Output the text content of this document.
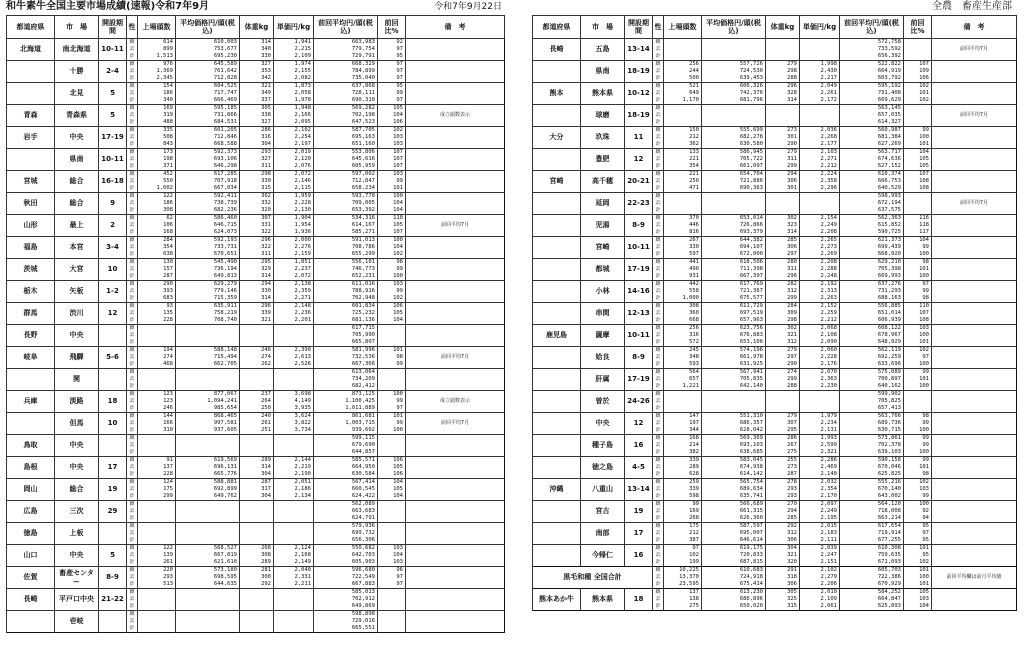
和牛素牛全国主要市場成績(速報)令和7年9月	令和7年9月22日	全農　畜産生産部
都道府県	市　場	開設期間	性	上場頭数	平均価格円/頭(税込)	体重kg	単価円/kg	前回平均円/頭(税込)	前回比%	備　考
北海道	南北海道	10-11	雌	614	610,003	314	1,941	663,983	92	
			去	899	753,677	340	2,215	779,754	97	
			計	1,513	695,230	330	2,109	729,791	95	
	十勝	2-4	雌	976	645,589	327	1,974	668,329	97	
			去	1,369	761,642	353	2,155	784,899	97	
			計	2,345	712,828	342	2,082	735,040	97	
	北見	5	雌	154	604,525	321	1,873	637,868	95	
			去	186	717,747	349	2,058	728,111	99	
			計	340	666,469	337	1,978	690,310	97	
青森	青森県	5	雌	169	595,185	305	1,948	569,282	105	成立頭数表示
			去	319	731,866	338	2,166	702,198	104	
			計	488	684,531	327	2,095	647,523	106	
岩手	中央	17-19	雌	335	601,205	286	2,102	587,705	102	
			去	508	712,846	316	2,254	695,163	103	
			計	843	668,588	304	2,197	651,160	103	
	県南	10-11	雌	173	592,373	293	2,019	553,806	107	
			去	198	693,106	327	2,120	645,616	107	
			計	371	646,298	311	2,076	605,959	107	
宮城	総合	16-18	雌	452	617,285	298	2,072	597,002	103	
			去	550	707,918	330	2,146	712,847	99	
			計	1,002	667,034	315	2,115	658,234	101	
秋田	総合	9	雌	122	592,411	302	1,959	593,778	100	
			去	186	738,739	332	2,228	709,005	104	
			計	308	682,236	320	2,130	653,392	104	
山形	最上	2	雌	62	586,460	307	1,904	534,316	110	前回平均7月
			去	106	646,715	331	1,954	614,167	105	
			計	168	624,073	322	1,936	585,271	107	
福島	本宮	3-4	雌	284	592,193	296	2,000	591,013	100	
			去	354	733,731	322	2,276	708,786	104	
			計	638	670,651	311	2,159	655,299	102	
茨城	大宮	10	雌	130	545,490	295	1,851	556,101	98	
			去	157	736,194	329	2,237	746,773	99	
			計	287	649,813	314	2,072	652,231	100	
栃木	矢板	1-2	雌	290	629,279	294	2,138	611,016	103	
			去	393	779,146	330	2,359	788,916	99	
			計	683	715,359	314	2,271	702,948	102	
群馬	渋川	12	雌	93	635,911	296	2,148	601,834	106	
			去	135	758,219	339	2,236	725,232	105	
			計	228	708,740	321	2,201	681,136	104	
長野	中央		雌					617,715		
			去					705,990		
			計					665,807		
岐阜	飛騨	5-6	雌	194	588,148	246	2,390	581,996	101	前回平均7月
			去	274	715,494	274	2,613	732,536	98	
			計	468	662,705	262	2,526	667,366	99	
	関		雌					613,064		
			去					734,209		
			計					682,412		
兵庫	淡路	18	雌	123	877,067	237	3,698	873,125	100	成立頭数表示
			去	123	1,094,241	264	4,149	1,100,425	99	
			計	246	985,654	250	3,935	1,011,889	97	
	但馬	10	雌	144	868,465	240	3,624	861,681	101	前回平均7月
			去	166	997,581	261	3,822	1,003,715	99	
			計	310	937,605	251	3,734	939,602	100	
鳥取	中央		雌					599,115		
			去					679,690		
			計					644,857		
島根	中央	17	雌	91	619,569	289	2,144	585,571	106	
			去	137	696,131	314	2,219	664,950	105	
			計	228	665,776	304	2,190	630,584	106	
岡山	総合	19	雌	124	588,881	287	2,051	567,414	104	
			去	175	692,899	317	2,186	660,545	105	
			計	299	649,762	304	2,134	624,422	104	
広島	三次	29	雌					562,089		
			去					663,683		
			計					624,791		
徳島	上板		雌					579,936		
			去					699,732		
			計					656,306		
山口	中央	5	雌	122	568,527	268	2,124	550,682	103	
			去	139	667,819	308	2,168	642,703	104	
			計	261	621,610	289	2,149	605,903	103	
佐賀	畜産センター	8-9	雌	220	573,180	281	2,040	596,680	96	
			去	293	698,595	300	2,331	722,549	97	
			計	513	644,635	292	2,211	667,883	97	
長崎	平戸口中央	21-22	雌					585,013		
			去					702,912		
			計					649,869		
	壱岐		雌					598,898		
			去					729,016		
			計					665,551		
都道府県	市　場	開設期間	性	上場頭数	平均価格円/頭(税込)	体重kg	単価円/kg	前回平均円/頭(税込)	前回比%	備　考
長崎	五島	13-14	雌					572,758		前回平均7月
			去					733,592		
			計					656,392		
	県南	18-19	雌	256	557,726	279	1,998	522,822	107	
			去	244	724,530	298	2,430	664,919	109	
			計	500	639,453	288	2,217	603,792	106	
熊本	熊本県	10-12	雌	521	606,326	296	2,049	595,192	102	
			去	649	742,376	328	2,261	731,408	101	
			計	1,170	681,796	314	2,172	669,629	102	
	球磨	18-19	雌					563,145		前回平均7月
			去					657,035		
			計					614,327		
大分	玖珠	11	雌	150	555,699	273	2,036	560,987	99	
			去	212	682,278	301	2,268	681,384	100	
			計	362	630,580	290	2,177	627,269	101	
	豊肥	12	雌	133	586,945	279	2,103	563,717	104	
			去	221	705,722	311	2,271	674,636	105	
			計	354	661,097	299	2,212	627,152	105	
宮崎	高千穂	20-21	雌	221	654,704	294	2,224	610,374	107	
			去	250	721,886	306	2,358	666,753	108	
			計	471	690,363	301	2,296	640,529	108	
	延岡	22-23	雌					598,993		前回平均7月
			去					672,194		
			計					637,575		
	児湯	8-9	雌	370	653,014	302	2,154	562,363	116	
			去	446	726,866	323	2,249	615,852	118	
			計	816	693,379	314	2,208	590,725	117	
	宮崎	10-11	雌	267	644,382	285	2,265	621,373	104	
			去	330	694,107	306	2,273	699,439	99	
			計	597	672,000	297	2,269	668,920	100	
	都城	17-19	雌	441	618,506	280	2,208	629,210	98	
			去	490	711,398	311	2,288	705,398	101	
			計	931	667,397	296	2,248	669,993	100	
	小林	14-16	雌	442	617,769	282	2,192	637,276	97	
			去	558	721,367	312	2,313	731,293	99	
			計	1,000	675,577	299	2,263	688,163	98	
	串間	12-13	雌	308	611,729	284	2,152	556,885	110	
			去	360	697,519	309	2,259	651,014	107	
			計	668	657,963	298	2,212	606,939	108	
鹿児島	薩摩	10-11	雌	256	623,756	302	2,068	608,122	103	
			去	316	676,883	321	2,108	678,967	100	
			計	572	653,106	312	2,090	648,929	101	
	姶良	8-9	雌	245	574,196	279	2,060	562,119	102	
			去	348	661,978	297	2,228	692,259	97	
			計	593	631,925	290	2,176	633,696	100	
	肝属	17-19	雌	564	567,941	274	2,070	575,089	99	
			去	657	705,835	299	2,363	700,897	101	
			計	1,221	642,140	288	2,230	640,162	100	
	曽於	24-26	雌					599,902		
			去					705,825		
			計					657,413		
	中央	12	雌	147	551,310	279	1,979	563,766	98	
			去	197	686,357	307	2,234	689,736	99	
			計	344	628,042	295	2,131	630,715	100	
	種子島	16	雌	168	569,369	286	1,993	573,861	99	
			去	214	693,103	267	2,599	702,378	99	
			計	382	638,685	275	2,321	639,103	100	
	徳之島	4-5	雌	339	583,045	255	2,286	590,158	99	
			去	289	674,938	273	2,469	670,046	101	
			計	628	614,142	287	2,140	625,825	98	
沖縄	八重山	13-14	雌	259	565,754	278	2,032	555,216	102	
			去	339	689,634	293	2,354	670,140	103	
			計	598	635,741	293	2,170	643,002	99	
	宮古	19	雌	99	566,689	270	2,097	564,120	100	
			去	169	661,315	294	2,249	718,008	92	
			計	268	626,360	285	2,195	663,214	94	
	南部	17	雌	175	587,597	292	2,015	617,654	95	
			去	212	695,007	312	2,183	719,914	97	
			計	387	646,614	306	2,111	677,255	95	
	今帰仁	16	雌	97	619,175	304	2,039	610,308	101	
			去	102	720,833	321	2,247	759,635	95	
			計	199	687,815	320	2,151	671,093	102	
黒毛和種 全国合計			雌	10,225	610,683	291	2,102	605,703	101	前回平均欄は前月平均値
			去	13,370	724,918	318	2,279	722,386	100	
			計	23,595	675,414	306	2,206	670,929	101	
熊本あか牛	熊本県	18	雌	137	613,230	305	2,010	584,252	105	
			去	138	686,896	325	2,109	664,847	103	
			計	275	650,020	315	2,061	625,893	104	
